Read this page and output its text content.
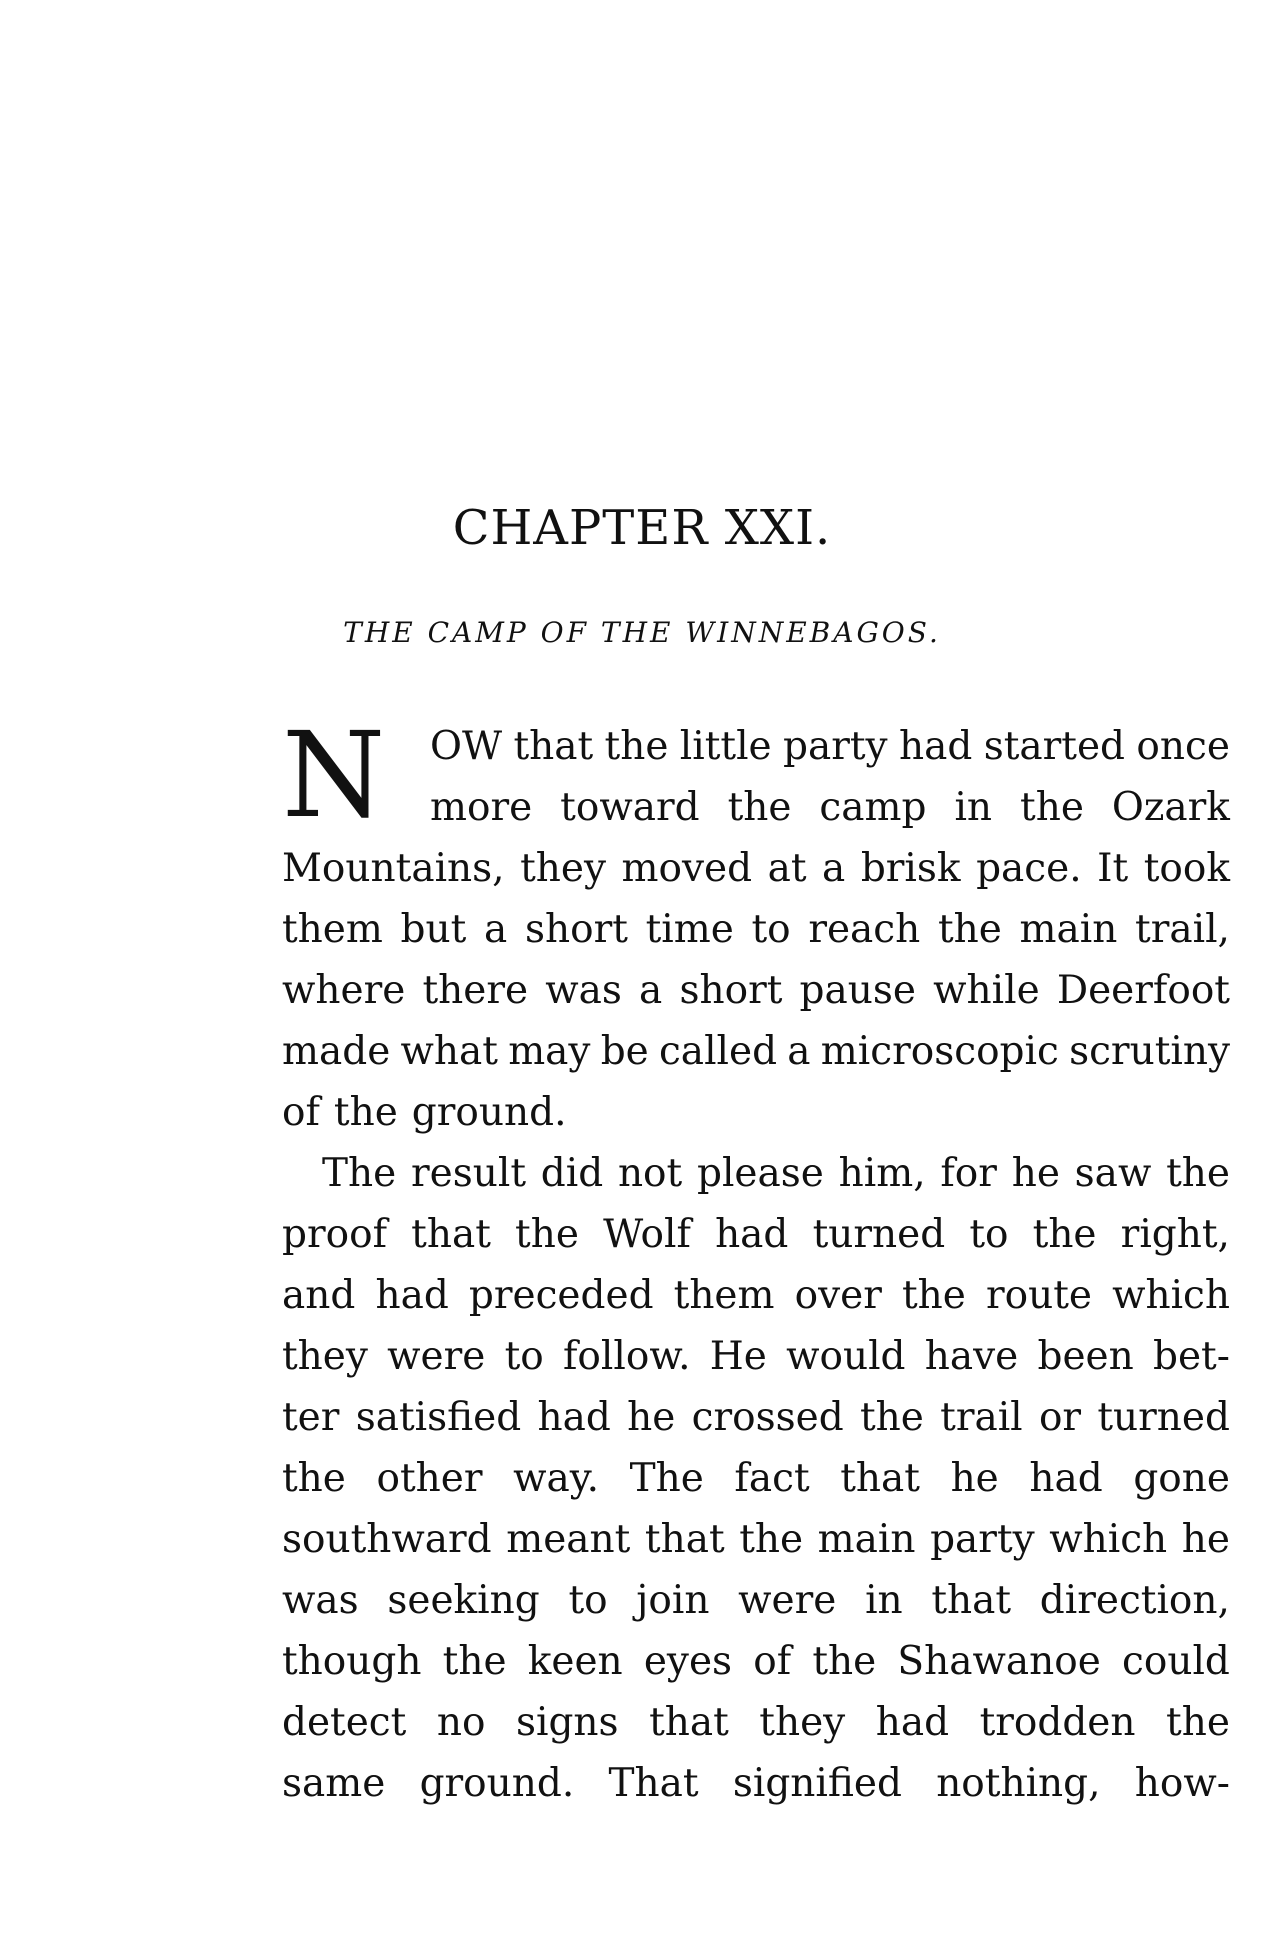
CHAPTER XXI.
THE CAMP OF THE WINNEBAGOS.
N OW that the little party had started once
more toward the camp in the Ozark
Mountains, they moved at a brisk pace. It took
them but a short time to reach the main trail,
where there was a short pause while Deerfoot
made what may be called a microscopic scrutiny
of the ground.
The result did not please him, for he saw the
proof that the Wolf had turned to the right,
and had preceded them over the route which
they were to follow. He would have been bet-
ter satisfied had he crossed the trail or turned
the other way. The fact that he had gone
southward meant that the main party which he
was seeking to join were in that direction,
though the keen eyes of the Shawanoe could
detect no signs that they had trodden the
same ground. That signified nothing, how-
